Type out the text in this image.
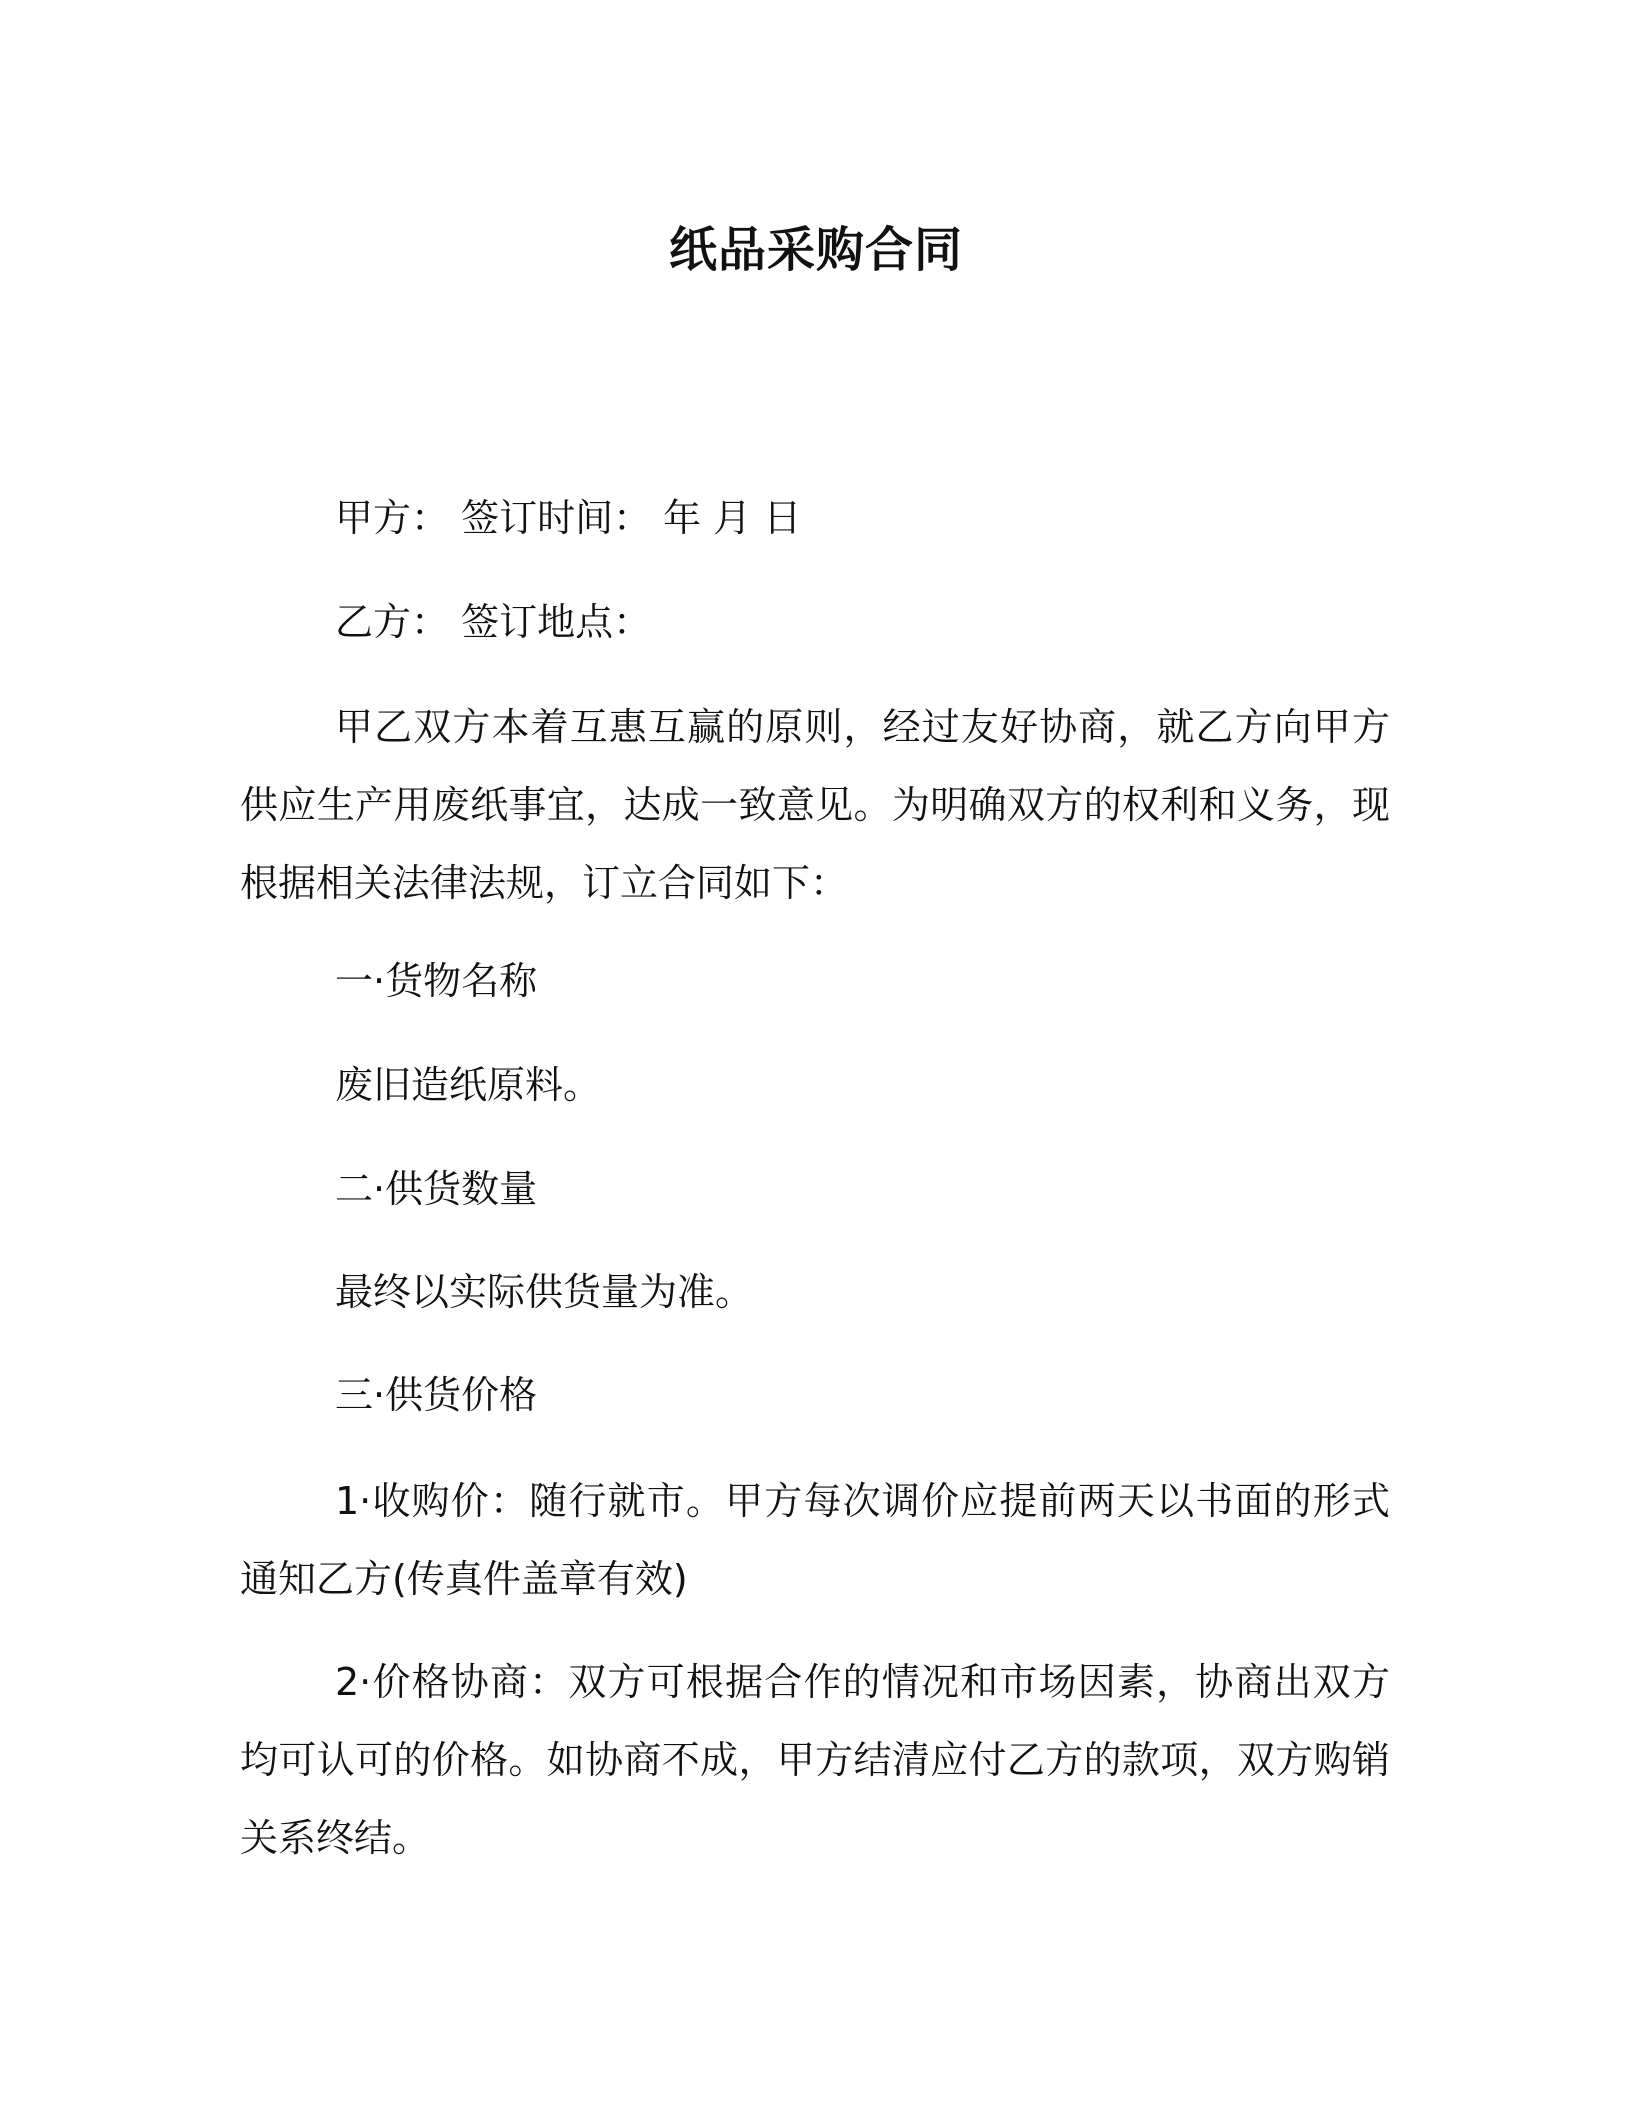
纸品采购合同
甲方： 签订时间： 年 月 日
乙方： 签订地点：

甲乙双方本着互惠互赢的原则，经过友好协商，就乙方向甲方供应生产用废纸事宜，达成一致意见。为明确双方的权利和义务，现根据相关法律法规，订立合同如下：

一·货物名称
废旧造纸原料。
二·供货数量
最终以实际供货量为准。
三·供货价格

1·收购价：随行就市。甲方每次调价应提前两天以书面的形式通知乙方(传真件盖章有效)

2·价格协商：双方可根据合作的情况和市场因素，协商出双方均可认可的价格。如协商不成，甲方结清应付乙方的款项，双方购销关系终结。
